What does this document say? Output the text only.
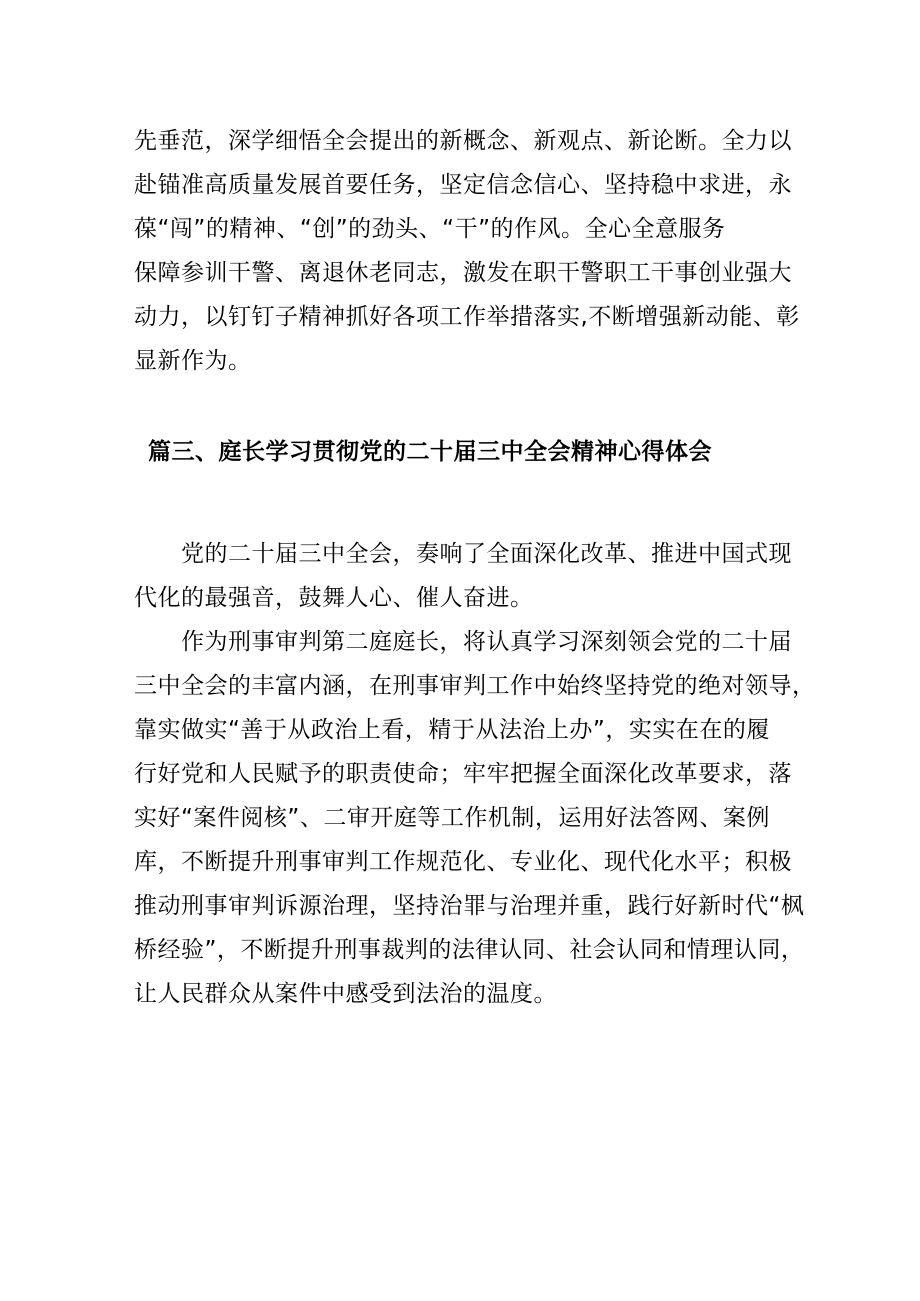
先垂范，深学细悟全会提出的新概念、新观点、新论断。全力以
赴锚准高质量发展首要任务，坚定信念信心、坚持稳中求进，永
葆“闯”的精神、“创”的劲头、“干”的作风。全心全意服务
保障参训干警、离退休老同志，激发在职干警职工干事创业强大
动力，以钉钉子精神抓好各项工作举措落实,不断增强新动能、彰
显新作为。
篇三、庭长学习贯彻党的二十届三中全会精神心得体会
党的二十届三中全会，奏响了全面深化改革、推进中国式现
代化的最强音，鼓舞人心、催人奋进。
作为刑事审判第二庭庭长，将认真学习深刻领会党的二十届
三中全会的丰富内涵，在刑事审判工作中始终坚持党的绝对领导，
靠实做实“善于从政治上看，精于从法治上办”，实实在在的履
行好党和人民赋予的职责使命；牢牢把握全面深化改革要求，落
实好“案件阅核”、二审开庭等工作机制，运用好法答网、案例
库，不断提升刑事审判工作规范化、专业化、现代化水平；积极
推动刑事审判诉源治理，坚持治罪与治理并重，践行好新时代“枫
桥经验”，不断提升刑事裁判的法律认同、社会认同和情理认同，
让人民群众从案件中感受到法治的温度。
